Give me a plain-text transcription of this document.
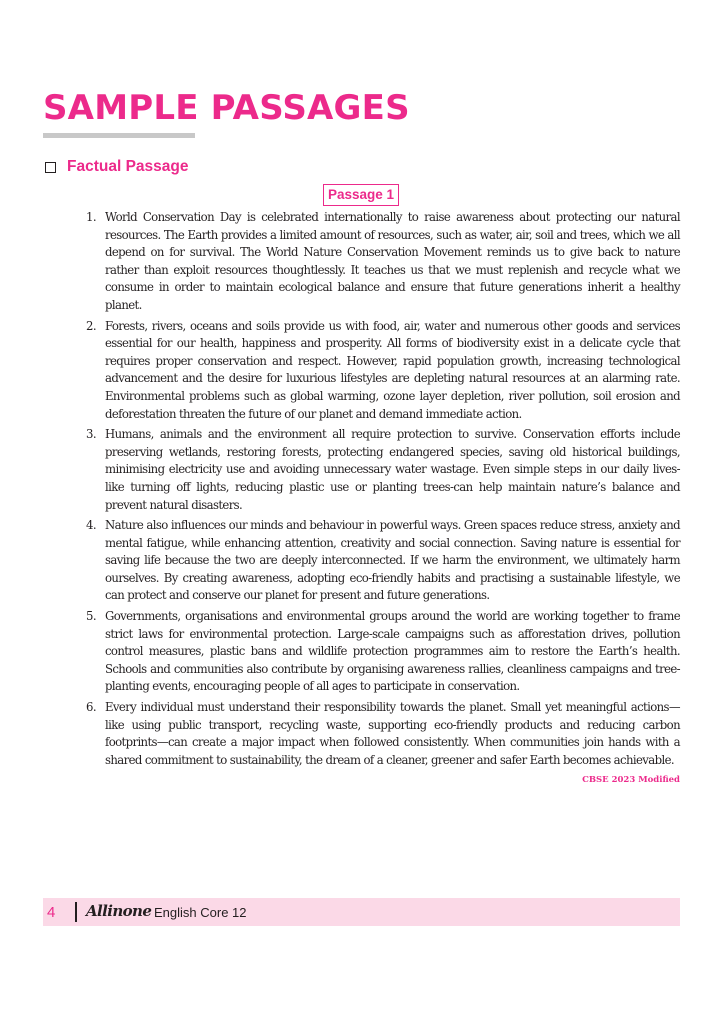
SAMPLE PASSAGES
Factual Passage
Passage 1
1. World Conservation Day is celebrated internationally to raise awareness about protecting our natural resources. The Earth provides a limited amount of resources, such as water, air, soil and trees, which we all depend on for survival. The World Nature Conservation Movement reminds us to give back to nature rather than exploit resources thoughtlessly. It teaches us that we must replenish and recycle what we consume in order to maintain ecological balance and ensure that future generations inherit a healthy planet.
2. Forests, rivers, oceans and soils provide us with food, air, water and numerous other goods and services essential for our health, happiness and prosperity. All forms of biodiversity exist in a delicate cycle that requires proper conservation and respect. However, rapid population growth, increasing technological advancement and the desire for luxurious lifestyles are depleting natural resources at an alarming rate. Environmental problems such as global warming, ozone layer depletion, river pollution, soil erosion and deforestation threaten the future of our planet and demand immediate action.
3. Humans, animals and the environment all require protection to survive. Conservation efforts include preserving wetlands, restoring forests, protecting endangered species, saving old historical buildings, minimising electricity use and avoiding unnecessary water wastage. Even simple steps in our daily lives-like turning off lights, reducing plastic use or planting trees-can help maintain nature’s balance and prevent natural disasters.
4. Nature also influences our minds and behaviour in powerful ways. Green spaces reduce stress, anxiety and mental fatigue, while enhancing attention, creativity and social connection. Saving nature is essential for saving life because the two are deeply interconnected. If we harm the environment, we ultimately harm ourselves. By creating awareness, adopting eco-friendly habits and practising a sustainable lifestyle, we can protect and conserve our planet for present and future generations.
5. Governments, organisations and environmental groups around the world are working together to frame strict laws for environmental protection. Large-scale campaigns such as afforestation drives, pollution control measures, plastic bans and wildlife protection programmes aim to restore the Earth’s health. Schools and communities also contribute by organising awareness rallies, cleanliness campaigns and tree-planting events, encouraging people of all ages to participate in conservation.
6. Every individual must understand their responsibility towards the planet. Small yet meaningful actions—like using public transport, recycling waste, supporting eco-friendly products and reducing carbon footprints—can create a major impact when followed consistently. When communities join hands with a shared commitment to sustainability, the dream of a cleaner, greener and safer Earth becomes achievable.
CBSE 2023 Modified
4 Allinone English Core 12
